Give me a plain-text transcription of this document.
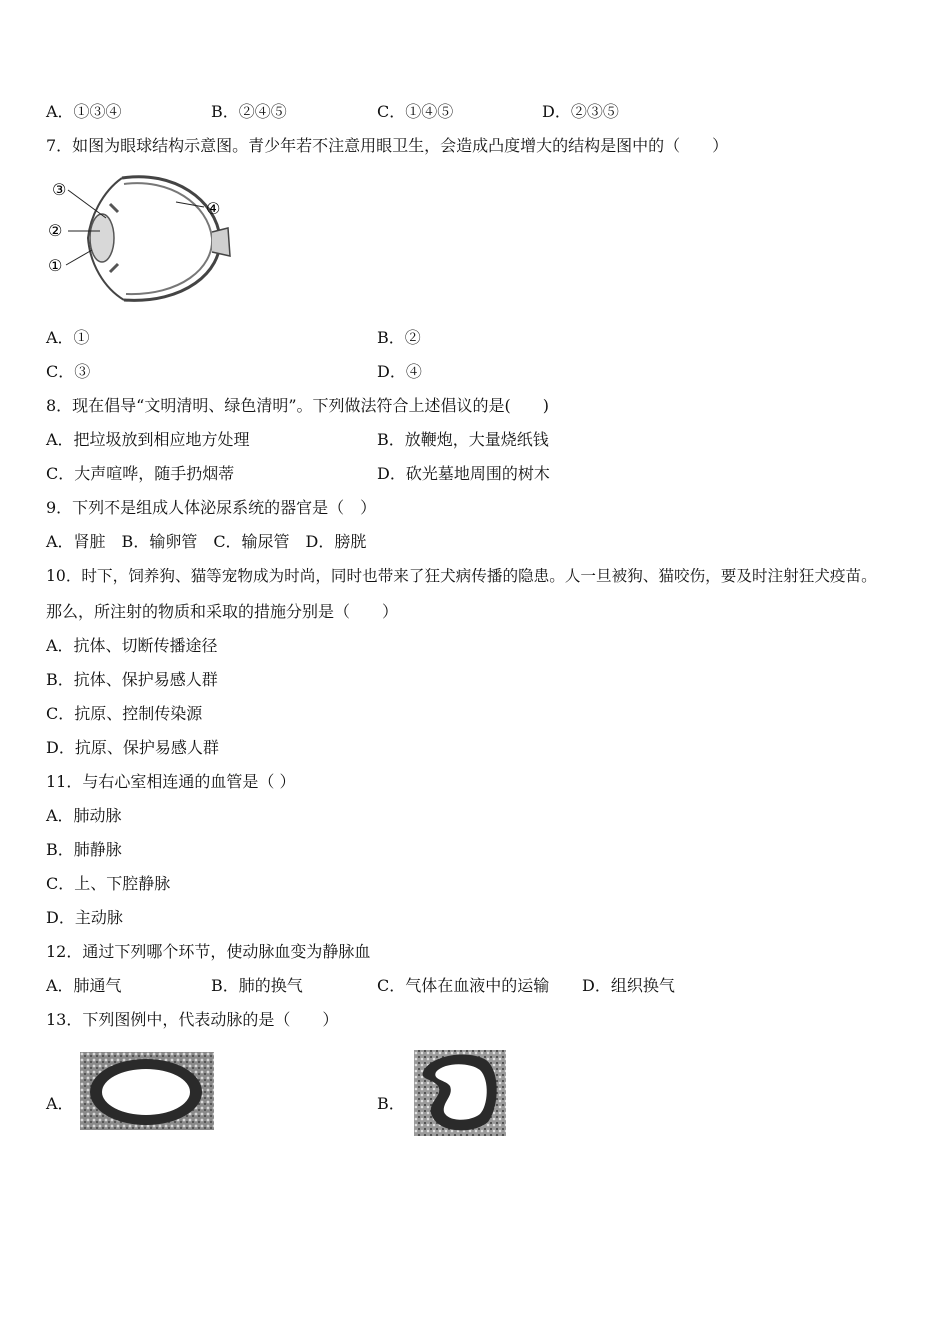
A．①③④	B．②④⑤	C．①④⑤	D．②③⑤
7．如图为眼球结构示意图。青少年若不注意用眼卫生，会造成凸度增大的结构是图中的（　　）
③
②
①
④
A．①	B．②
C．③	D．④
8．现在倡导“文明清明、绿色清明”。下列做法符合上述倡议的是(　　)
A．把垃圾放到相应地方处理	B．放鞭炮，大量烧纸钱
C．大声喧哗，随手扔烟蒂	D．砍光墓地周围的树木
9．下列不是组成人体泌尿系统的器官是（　）
A．肾脏　B．输卵管　C．输尿管　D．膀胱
10．时下，饲养狗、猫等宠物成为时尚，同时也带来了狂犬病传播的隐患。人一旦被狗、猫咬伤，要及时注射狂犬疫苗。
那么，所注射的物质和采取的措施分别是（　　）
A．抗体、切断传播途径
B．抗体、保护易感人群
C．抗原、控制传染源
D．抗原、保护易感人群
11．与右心室相连通的血管是（ ）
A．肺动脉
B．肺静脉
C．上、下腔静脉
D．主动脉
12．通过下列哪个环节，使动脉血变为静脉血
A．肺通气	B．肺的换气	C．气体在血液中的运输 D．组织换气
13．下列图例中，代表动脉的是（　　）
A．	B．
